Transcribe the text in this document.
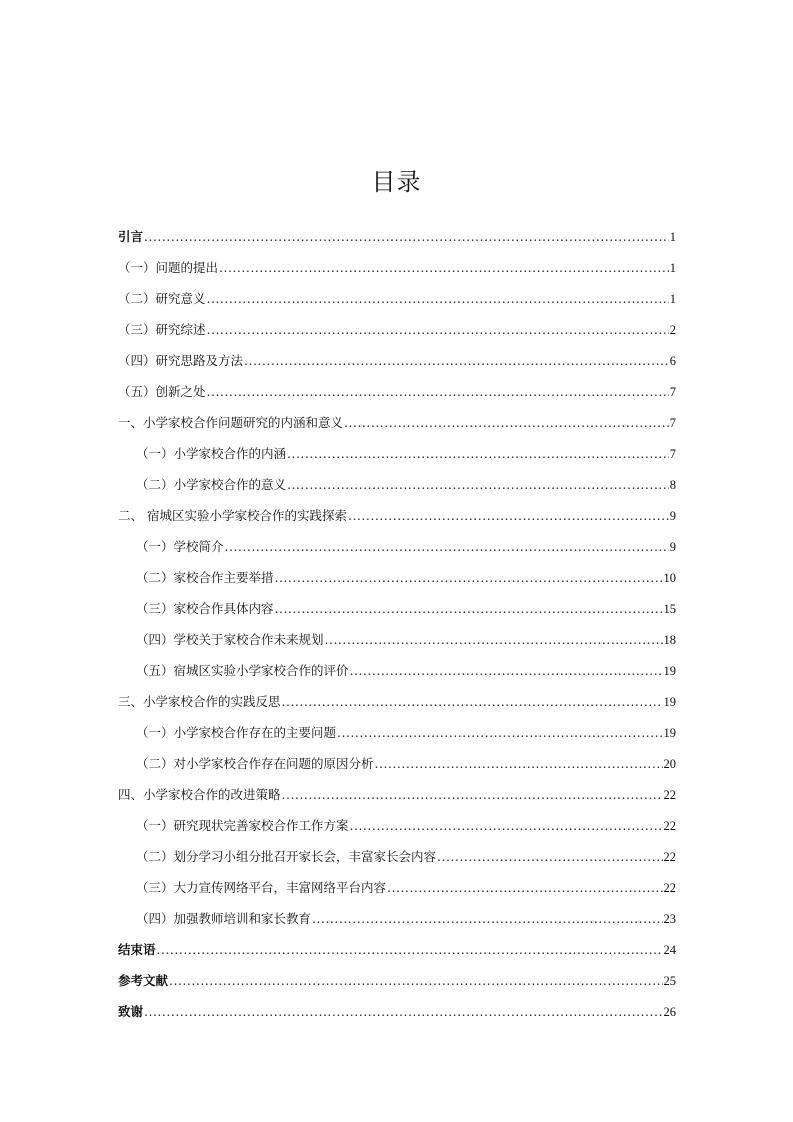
目录
引言 .....	1
（一）问题的提出 .....	1
（二）研究意义 .....	1
（三）研究综述 .....	2
（四）研究思路及方法 .....	6
（五）创新之处 .....	7
一、小学家校合作问题研究的内涵和意义 .....	7
（一）小学家校合作的内涵 .....	7
（二）小学家校合作的意义 .....	8
二、 宿城区实验小学家校合作的实践探索 .....	9
（一）学校简介 .....	9
（二）家校合作主要举措 .....	10
（三）家校合作具体内容 .....	15
（四）学校关于家校合作未来规划 .....	18
（五）宿城区实验小学家校合作的评价 .....	19
三、小学家校合作的实践反思 .....	19
（一）小学家校合作存在的主要问题 .....	19
（二）对小学家校合作存在问题的原因分析 .....	20
四、小学家校合作的改进策略 .....	22
（一）研究现状完善家校合作工作方案 .....	22
（二）划分学习小组分批召开家长会，丰富家长会内容 .....	22
（三）大力宣传网络平台，丰富网络平台内容 .....	22
（四）加强教师培训和家长教育 .....	23
结束语 .....	24
参考文献 .....	25
致谢 .....	26
